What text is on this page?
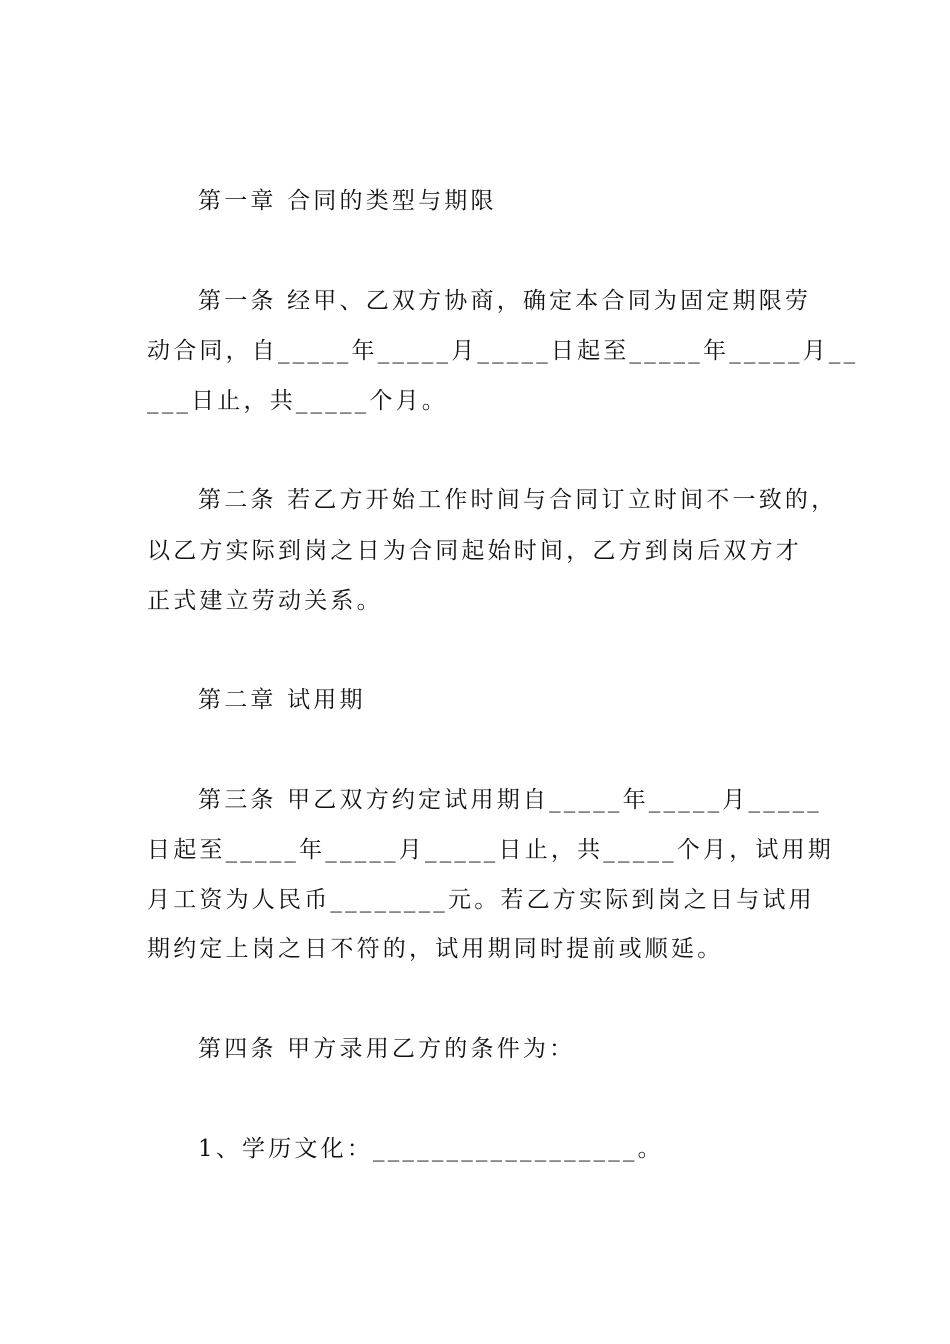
第一章 合同的类型与期限
第一条 经甲、乙双方协商，确定本合同为固定期限劳
动合同，自_____年_____月_____日起至_____年_____月__
___日止，共_____个月。
第二条 若乙方开始工作时间与合同订立时间不一致的，
以乙方实际到岗之日为合同起始时间，乙方到岗后双方才
正式建立劳动关系。
第二章 试用期
第三条 甲乙双方约定试用期自_____年_____月_____
日起至_____年_____月_____日止，共_____个月，试用期
月工资为人民币________元。若乙方实际到岗之日与试用
期约定上岗之日不符的，试用期同时提前或顺延。
第四条 甲方录用乙方的条件为：
1、学历文化：__________________。
